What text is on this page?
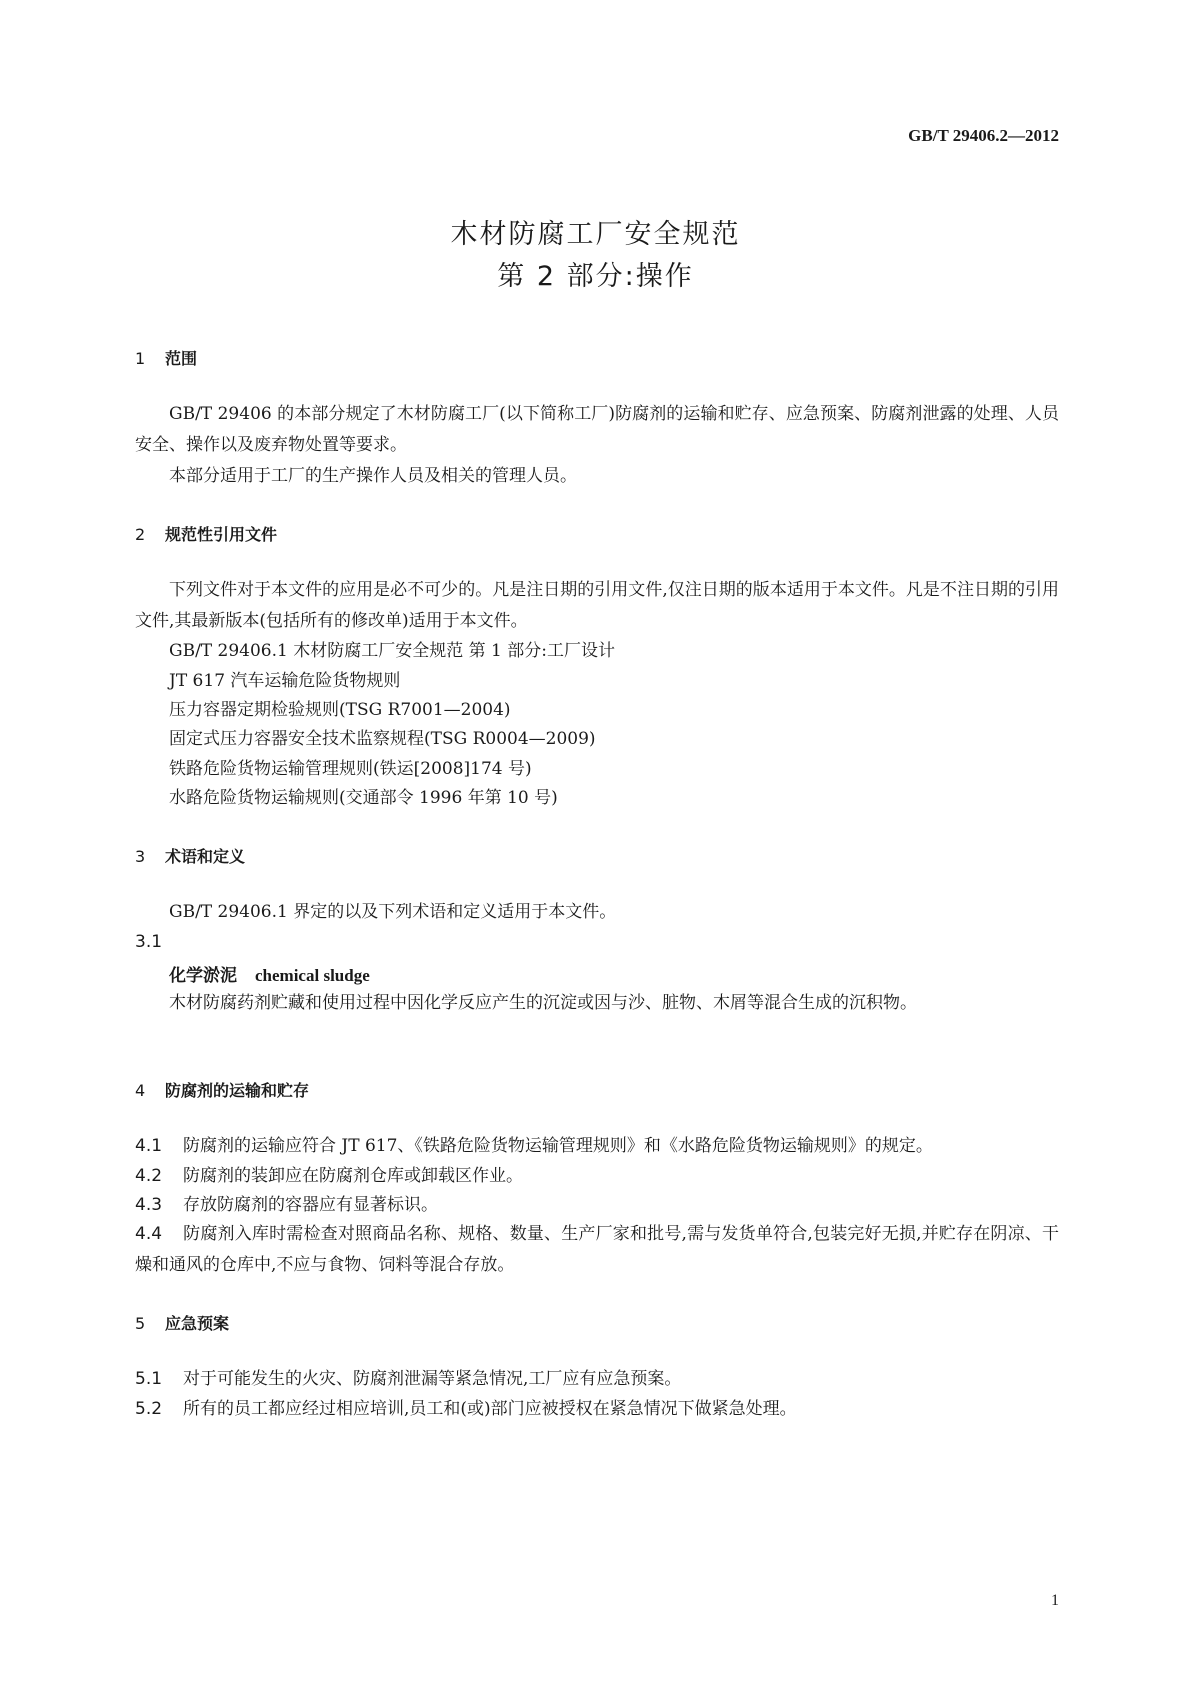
GB/T 29406.2—2012
木材防腐工厂安全规范
第 2 部分:操作
1 范围
GB/T 29406 的本部分规定了木材防腐工厂(以下简称工厂)防腐剂的运输和贮存、应急预案、防腐剂泄露的处理、人员安全、操作以及废弃物处置等要求。
本部分适用于工厂的生产操作人员及相关的管理人员。
2 规范性引用文件
下列文件对于本文件的应用是必不可少的。凡是注日期的引用文件,仅注日期的版本适用于本文件。凡是不注日期的引用文件,其最新版本(包括所有的修改单)适用于本文件。
GB/T 29406.1 木材防腐工厂安全规范 第 1 部分:工厂设计
JT 617 汽车运输危险货物规则
压力容器定期检验规则(TSG R7001—2004)
固定式压力容器安全技术监察规程(TSG R0004—2009)
铁路危险货物运输管理规则(铁运[2008]174 号)
水路危险货物运输规则(交通部令 1996 年第 10 号)
3 术语和定义
GB/T 29406.1 界定的以及下列术语和定义适用于本文件。
3.1
化学淤泥 chemical sludge
木材防腐药剂贮藏和使用过程中因化学反应产生的沉淀或因与沙、脏物、木屑等混合生成的沉积物。
4 防腐剂的运输和贮存
4.1 防腐剂的运输应符合 JT 617、《铁路危险货物运输管理规则》和《水路危险货物运输规则》的规定。
4.2 防腐剂的装卸应在防腐剂仓库或卸载区作业。
4.3 存放防腐剂的容器应有显著标识。
4.4 防腐剂入库时需检查对照商品名称、规格、数量、生产厂家和批号,需与发货单符合,包装完好无损,并贮存在阴凉、干燥和通风的仓库中,不应与食物、饲料等混合存放。
5 应急预案
5.1 对于可能发生的火灾、防腐剂泄漏等紧急情况,工厂应有应急预案。
5.2 所有的员工都应经过相应培训,员工和(或)部门应被授权在紧急情况下做紧急处理。
1
